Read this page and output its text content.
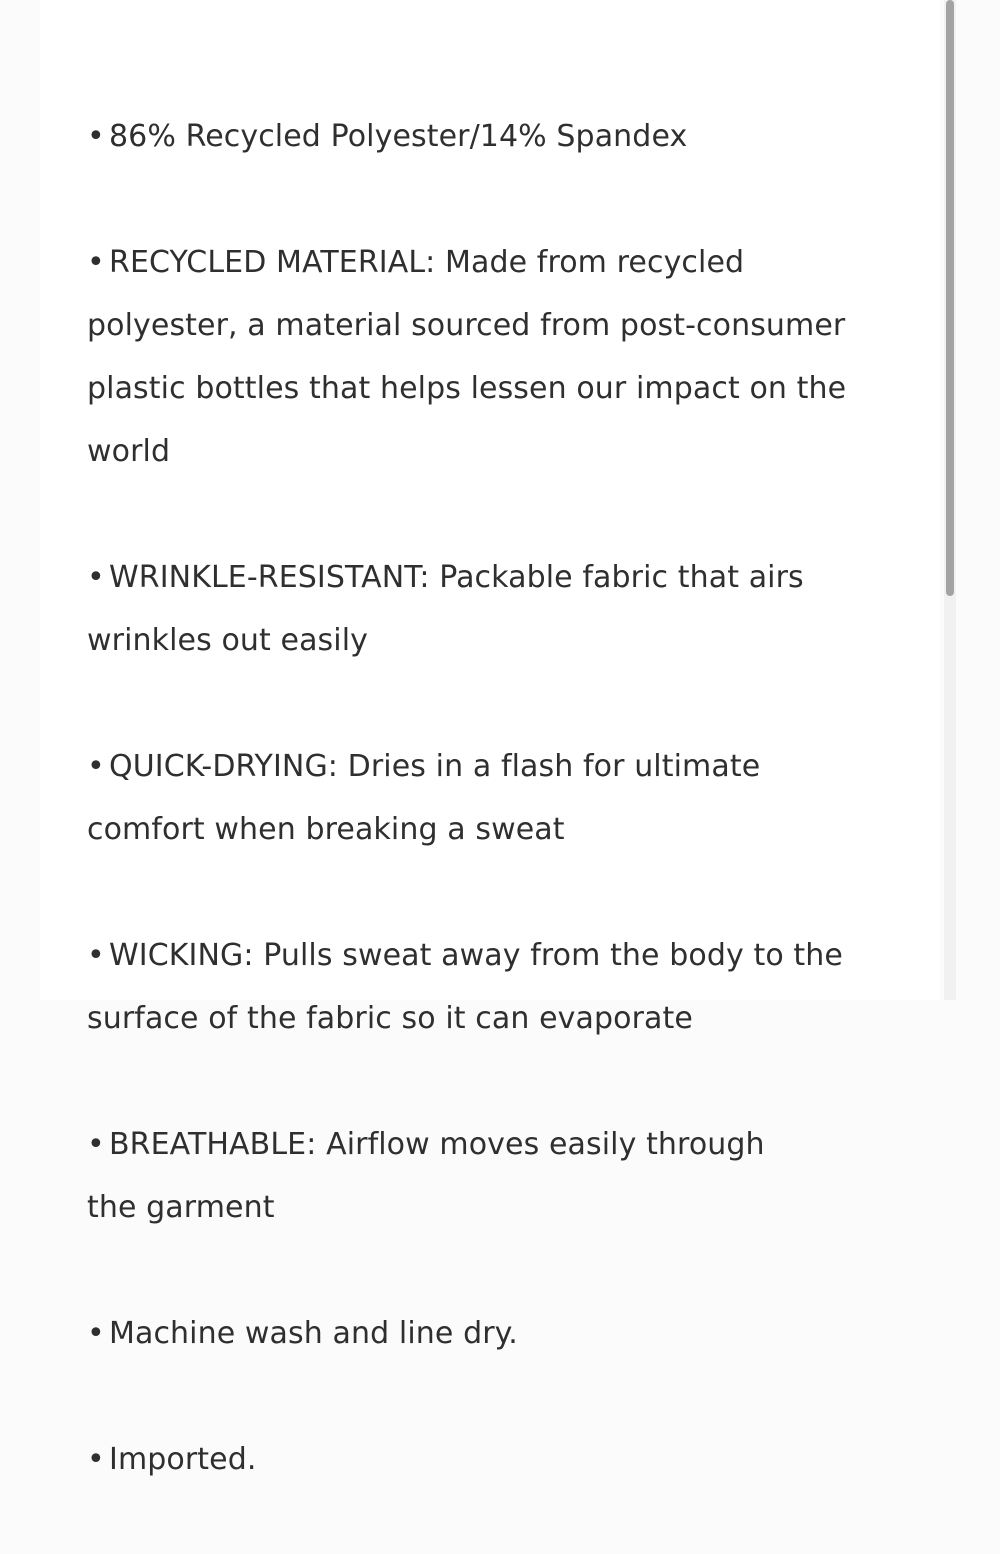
• 86% Recycled Polyester/14% Spandex

• RECYCLED MATERIAL: Made from recycled
polyester, a material sourced from post-consumer
plastic bottles that helps lessen our impact on the
world

• WRINKLE-RESISTANT: Packable fabric that airs
wrinkles out easily

• QUICK-DRYING: Dries in a flash for ultimate
comfort when breaking a sweat

• WICKING: Pulls sweat away from the body to the
surface of the fabric so it can evaporate

• BREATHABLE: Airflow moves easily through
the garment

• Machine wash and line dry.

• Imported.
